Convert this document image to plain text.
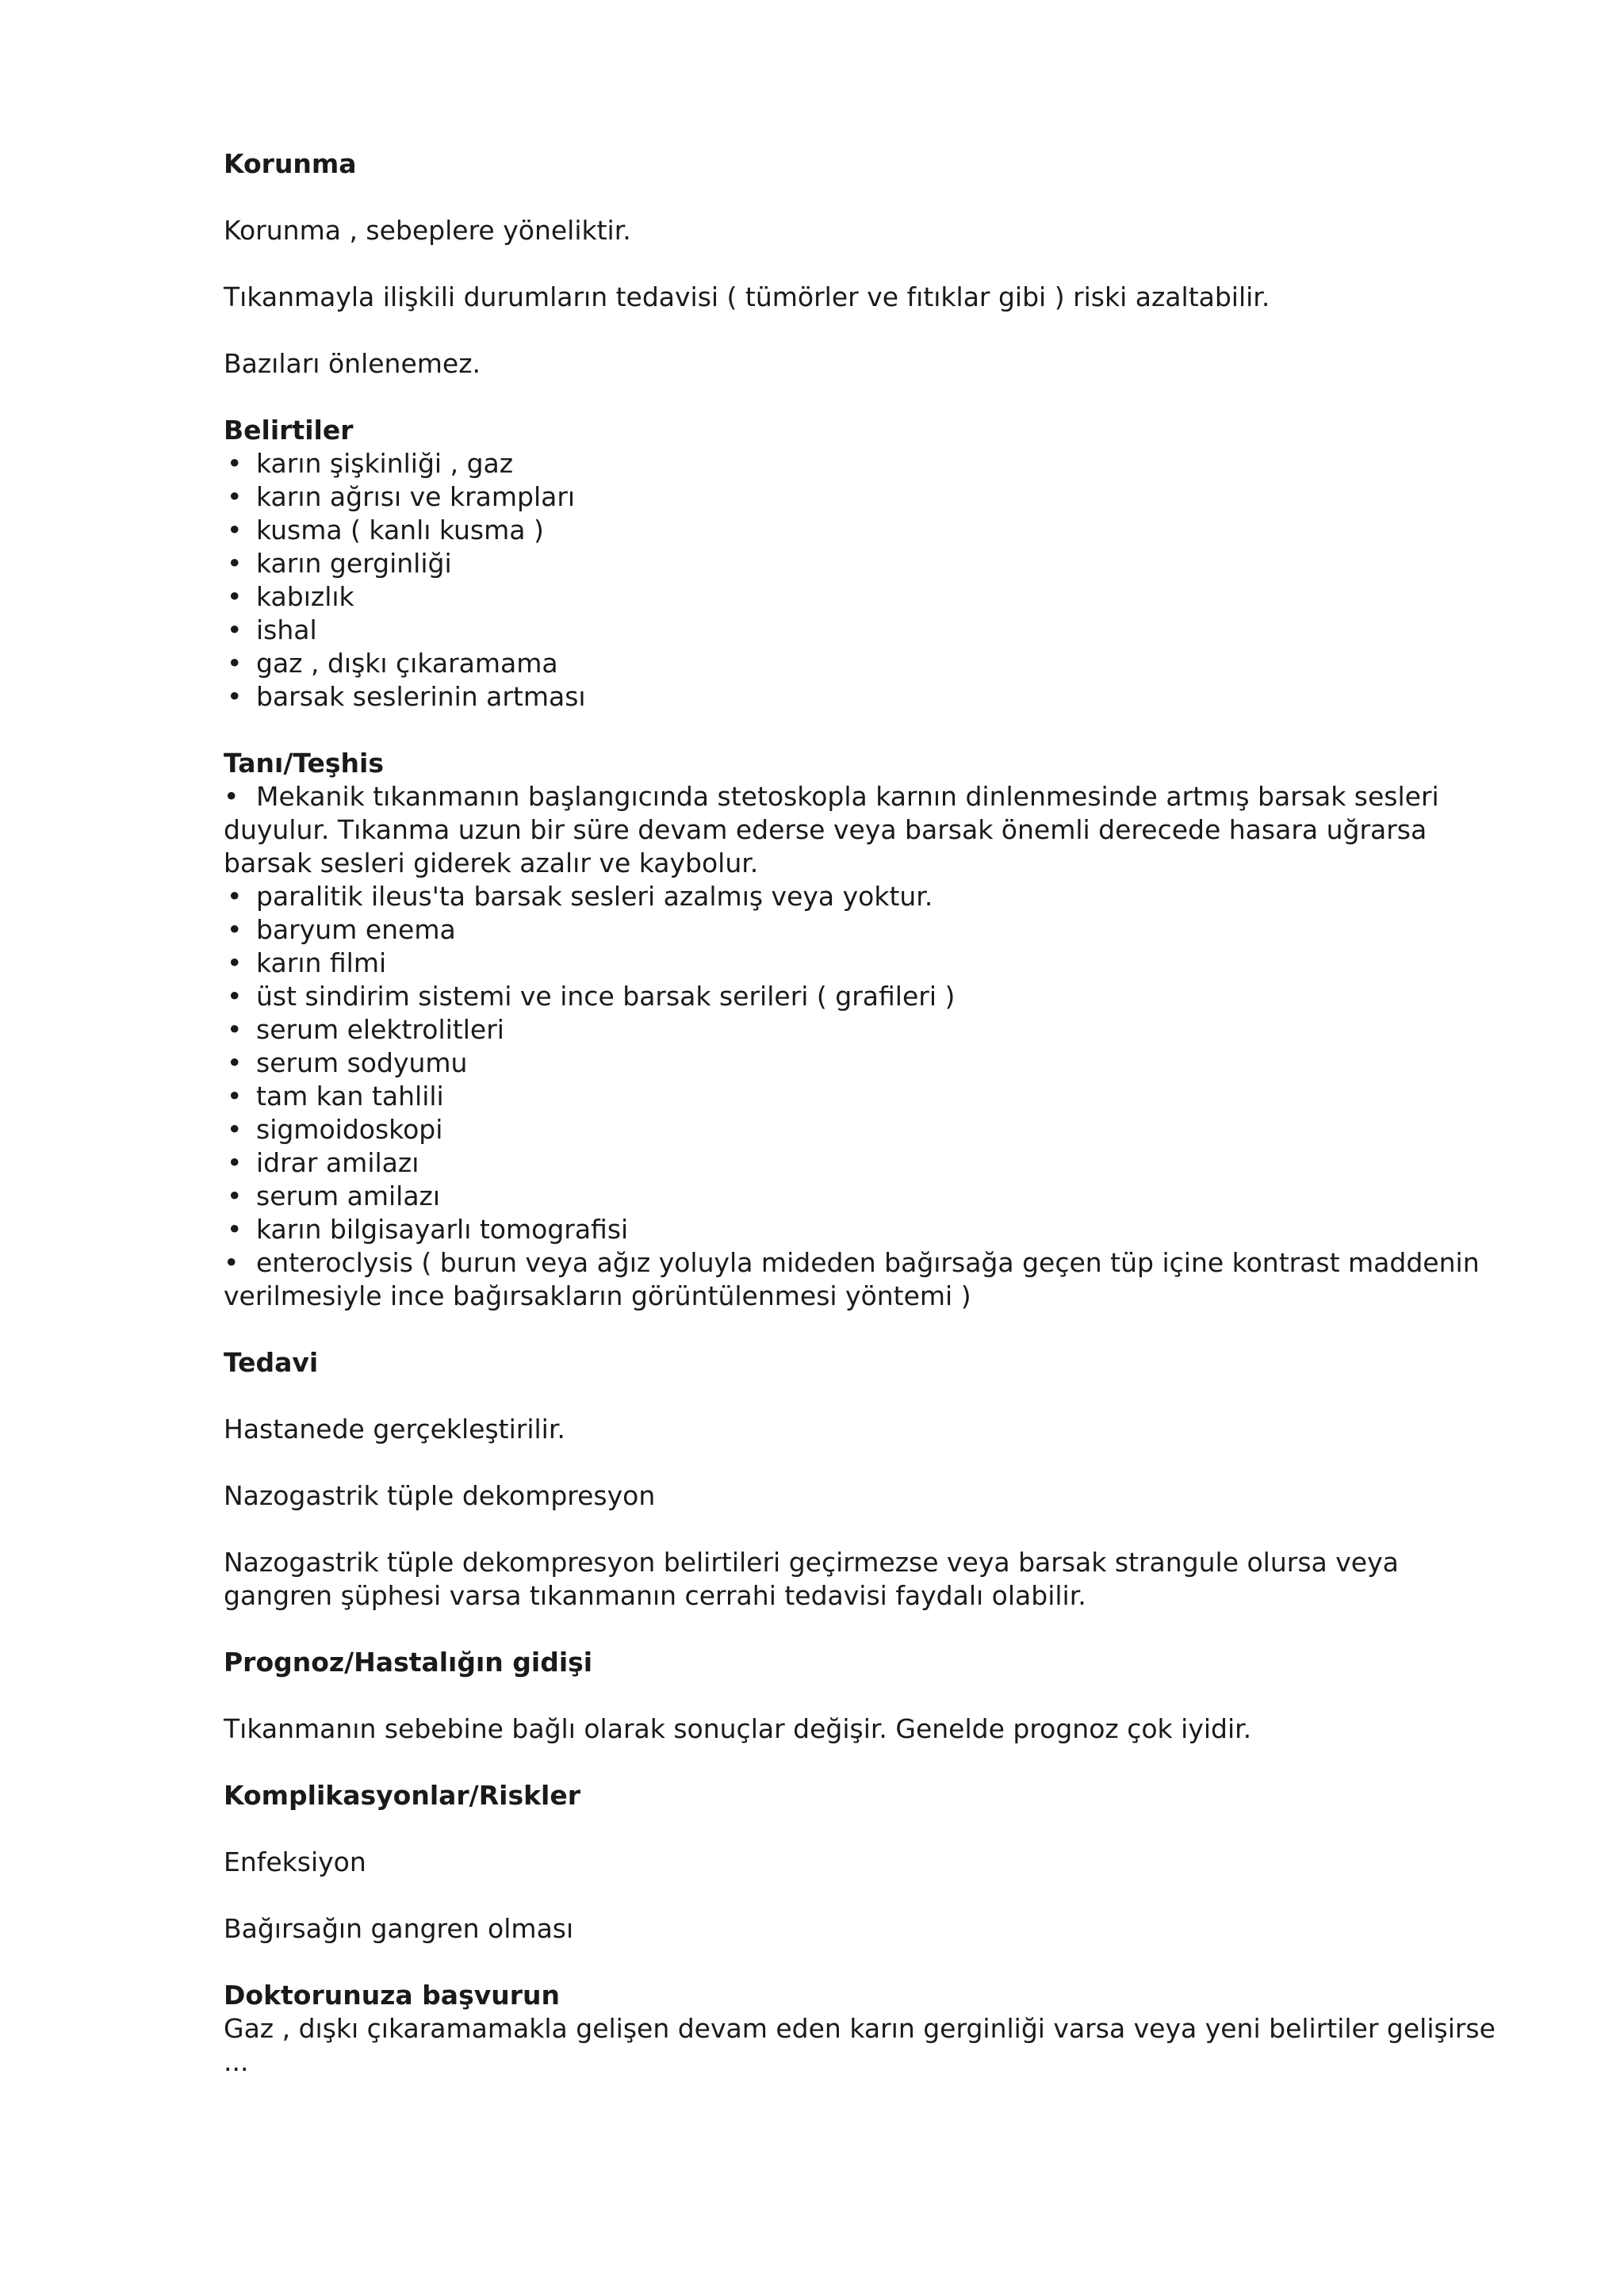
Korunma

Korunma , sebeplere yöneliktir.

Tıkanmayla ilişkili durumların tedavisi ( tümörler ve fıtıklar gibi ) riski azaltabilir.

Bazıları önlenemez.

Belirtiler

• karın şişkinliği , gaz
• karın ağrısı ve krampları
• kusma ( kanlı kusma )
• karın gerginliği
• kabızlık
• ishal
• gaz , dışkı çıkaramama
• barsak seslerinin artması

Tanı/Teşhis

• Mekanik tıkanmanın başlangıcında stetoskopla karnın dinlenmesinde artmış barsak sesleri duyulur. Tıkanma uzun bir süre devam ederse veya barsak önemli derecede hasara uğrarsa barsak sesleri giderek azalır ve kaybolur.
• paralitik ileus'ta barsak sesleri azalmış veya yoktur.
• baryum enema
• karın filmi
• üst sindirim sistemi ve ince barsak serileri ( grafileri )
• serum elektrolitleri
• serum sodyumu
• tam kan tahlili
• sigmoidoskopi
• idrar amilazı
• serum amilazı
• karın bilgisayarlı tomografisi
• enteroclysis ( burun veya ağız yoluyla mideden bağırsağa geçen tüp içine kontrast maddenin verilmesiyle ince bağırsakların görüntülenmesi yöntemi )

Tedavi

Hastanede gerçekleştirilir.

Nazogastrik tüple dekompresyon

Nazogastrik tüple dekompresyon belirtileri geçirmezse veya barsak strangule olursa veya gangren şüphesi varsa tıkanmanın cerrahi tedavisi faydalı olabilir.

Prognoz/Hastalığın gidişi

Tıkanmanın sebebine bağlı olarak sonuçlar değişir. Genelde prognoz çok iyidir.

Komplikasyonlar/Riskler

Enfeksiyon

Bağırsağın gangren olması

Doktorunuza başvurun

Gaz , dışkı çıkaramamakla gelişen devam eden karın gerginliği varsa veya yeni belirtiler gelişirse ...
